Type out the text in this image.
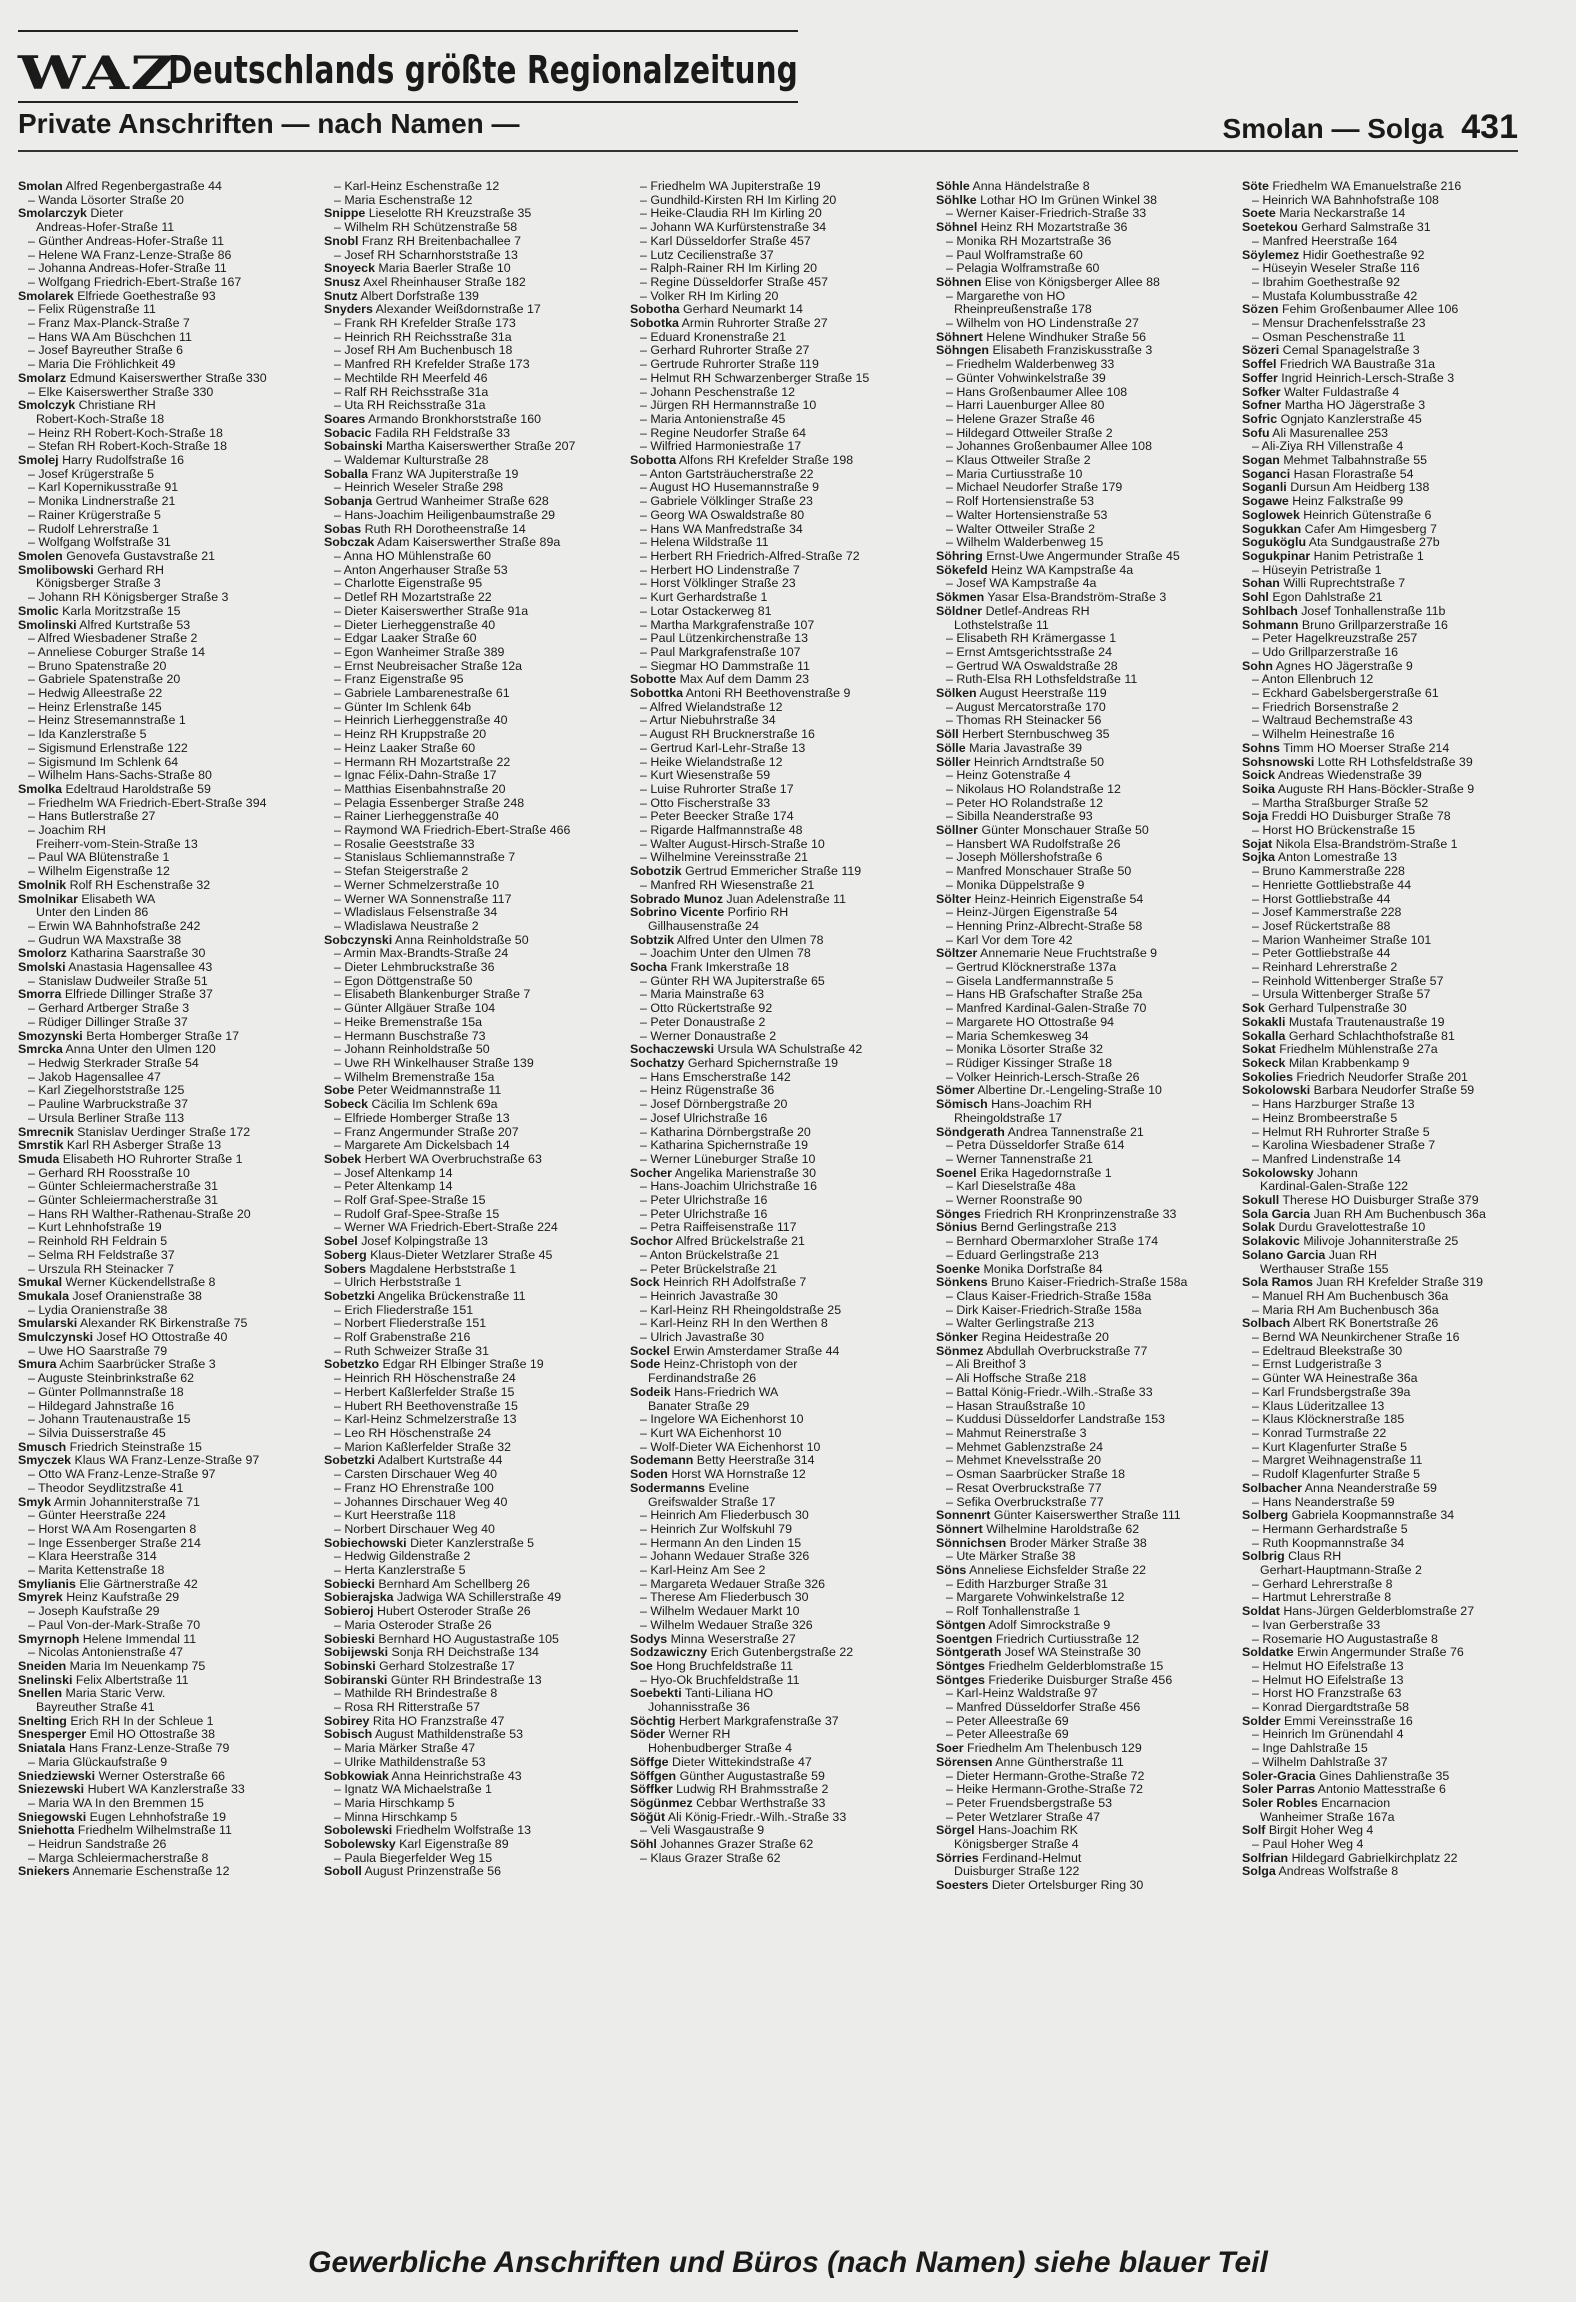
WAZ
Deutschlands größte Regionalzeitung
Private Anschriften — nach Namen —	Smolan — Solga 431
Smolan Alfred Regenbergastraße 44
– Wanda Lösorter Straße 20
Smolarczyk Dieter
Andreas-Hofer-Straße 11
– Günther Andreas-Hofer-Straße 11
– Helene WA Franz-Lenze-Straße 86
– Johanna Andreas-Hofer-Straße 11
– Wolfgang Friedrich-Ebert-Straße 167
Smolarek Elfriede Goethestraße 93
– Felix Rügenstraße 11
– Franz Max-Planck-Straße 7
– Hans WA Am Büschchen 11
– Josef Bayreuther Straße 6
– Maria Die Fröhlichkeit 49
Smolarz Edmund Kaiserswerther Straße 330
– Elke Kaiserswerther Straße 330
Smolczyk Christiane RH
Robert-Koch-Straße 18
– Heinz RH Robert-Koch-Straße 18
– Stefan RH Robert-Koch-Straße 18
Smolej Harry Rudolfstraße 16
– Josef Krügerstraße 5
– Karl Kopernikusstraße 91
– Monika Lindnerstraße 21
– Rainer Krügerstraße 5
– Rudolf Lehrerstraße 1
– Wolfgang Wolfstraße 31
Smolen Genovefa Gustavstraße 21
Smolibowski Gerhard RH
Königsberger Straße 3
– Johann RH Königsberger Straße 3
Smolic Karla Moritzstraße 15
Smolinski Alfred Kurtstraße 53
– Alfred Wiesbadener Straße 2
– Anneliese Coburger Straße 14
– Bruno Spatenstraße 20
– Gabriele Spatenstraße 20
– Hedwig Alleestraße 22
– Heinz Erlenstraße 145
– Heinz Stresemannstraße 1
– Ida Kanzlerstraße 5
– Sigismund Erlenstraße 122
– Sigismund Im Schlenk 64
– Wilhelm Hans-Sachs-Straße 80
Smolka Edeltraud Haroldstraße 59
– Friedhelm WA Friedrich-Ebert-Straße 394
– Hans Butlerstraße 27
– Joachim RH
Freiherr-vom-Stein-Straße 13
– Paul WA Blütenstraße 1
– Wilhelm Eigenstraße 12
Smolnik Rolf RH Eschenstraße 32
Smolnikar Elisabeth WA
Unter den Linden 86
– Erwin WA Bahnhofstraße 242
– Gudrun WA Maxstraße 38
Smolorz Katharina Saarstraße 30
Smolski Anastasia Hagensallee 43
– Stanislaw Dudweiler Straße 51
Smorra Elfriede Dillinger Straße 37
– Gerhard Artberger Straße 3
– Rüdiger Dillinger Straße 37
Smozynski Berta Homberger Straße 17
Smrcka Anna Unter den Ulmen 120
– Hedwig Sterkrader Straße 54
– Jakob Hagensallee 47
– Karl Ziegelhorststraße 125
– Pauline Warbruckstraße 37
– Ursula Berliner Straße 113
Smrecnik Stanislav Uerdinger Straße 172
Smrstik Karl RH Asberger Straße 13
Smuda Elisabeth HO Ruhrorter Straße 1
– Gerhard RH Roosstraße 10
– Günter Schleiermacherstraße 31
– Günter Schleiermacherstraße 31
– Hans RH Walther-Rathenau-Straße 20
– Kurt Lehnhofstraße 19
– Reinhold RH Feldrain 5
– Selma RH Feldstraße 37
– Urszula RH Steinacker 7
Smukal Werner Kückendellstraße 8
Smukala Josef Oranienstraße 38
– Lydia Oranienstraße 38
Smularski Alexander RK Birkenstraße 75
Smulczynski Josef HO Ottostraße 40
– Uwe HO Saarstraße 79
Smura Achim Saarbrücker Straße 3
– Auguste Steinbrinkstraße 62
– Günter Pollmannstraße 18
– Hildegard Jahnstraße 16
– Johann Trautenaustraße 15
– Silvia Duisserstraße 45
Smusch Friedrich Steinstraße 15
Smyczek Klaus WA Franz-Lenze-Straße 97
– Otto WA Franz-Lenze-Straße 97
– Theodor Seydlitzstraße 41
Smyk Armin Johanniterstraße 71
– Günter Heerstraße 224
– Horst WA Am Rosengarten 8
– Inge Essenberger Straße 214
– Klara Heerstraße 314
– Marita Kettenstraße 18
Smylianis Elie Gärtnerstraße 42
Smyrek Heinz Kaufstraße 29
– Joseph Kaufstraße 29
– Paul Von-der-Mark-Straße 70
Smyrnoph Helene Immendal 11
– Nicolas Antonienstraße 47
Sneiden Maria Im Neuenkamp 75
Snelinski Felix Albertstraße 11
Snellen Maria Staric Verw.
Bayreuther Straße 41
Snelting Erich RH In der Schleue 1
Snesperger Emil HO Ottostraße 38
Sniatala Hans Franz-Lenze-Straße 79
– Maria Glückaufstraße 9
Sniedziewski Werner Osterstraße 66
Sniezewski Hubert WA Kanzlerstraße 33
– Maria WA In den Bremmen 15
Sniegowski Eugen Lehnhofstraße 19
Sniehotta Friedhelm Wilhelmstraße 11
– Heidrun Sandstraße 26
– Marga Schleiermacherstraße 8
Sniekers Annemarie Eschenstraße 12
– Karl-Heinz Eschenstraße 12
– Maria Eschenstraße 12
Snippe Lieselotte RH Kreuzstraße 35
– Wilhelm RH Schützenstraße 58
Snobl Franz RH Breitenbachallee 7
– Josef RH Scharnhorststraße 13
Snoyeck Maria Baerler Straße 10
Snusz Axel Rheinhauser Straße 182
Snutz Albert Dorfstraße 139
Snyders Alexander Weißdornstraße 17
– Frank RH Krefelder Straße 173
– Heinrich RH Reichsstraße 31a
– Josef RH Am Buchenbusch 18
– Manfred RH Krefelder Straße 173
– Mechtilde RH Meerfeld 46
– Ralf RH Reichsstraße 31a
– Uta RH Reichsstraße 31a
Soares Armando Bronkhorststraße 160
Sobacic Fadila RH Feldstraße 33
Sobainski Martha Kaiserswerther Straße 207
– Waldemar Kulturstraße 28
Soballa Franz WA Jupiterstraße 19
– Heinrich Weseler Straße 298
Sobanja Gertrud Wanheimer Straße 628
– Hans-Joachim Heiligenbaumstraße 29
Sobas Ruth RH Dorotheenstraße 14
Sobczak Adam Kaiserswerther Straße 89a
– Anna HO Mühlenstraße 60
– Anton Angerhauser Straße 53
– Charlotte Eigenstraße 95
– Detlef RH Mozartstraße 22
– Dieter Kaiserswerther Straße 91a
– Dieter Lierheggenstraße 40
– Edgar Laaker Straße 60
– Egon Wanheimer Straße 389
– Ernst Neubreisacher Straße 12a
– Franz Eigenstraße 95
– Gabriele Lambarenestraße 61
– Günter Im Schlenk 64b
– Heinrich Lierheggenstraße 40
– Heinz RH Kruppstraße 20
– Heinz Laaker Straße 60
– Hermann RH Mozartstraße 22
– Ignac Félix-Dahn-Straße 17
– Matthias Eisenbahnstraße 20
– Pelagia Essenberger Straße 248
– Rainer Lierheggenstraße 40
– Raymond WA Friedrich-Ebert-Straße 466
– Rosalie Geeststraße 33
– Stanislaus Schliemannstraße 7
– Stefan Steigerstraße 2
– Werner Schmelzerstraße 10
– Werner WA Sonnenstraße 117
– Wladislaus Felsenstraße 34
– Wladislawa Neustraße 2
Sobczynski Anna Reinholdstraße 50
– Armin Max-Brandts-Straße 24
– Dieter Lehmbruckstraße 36
– Egon Döttgenstraße 50
– Elisabeth Blankenburger Straße 7
– Günter Allgäuer Straße 104
– Heike Bremenstraße 15a
– Hermann Buschstraße 73
– Johann Reinholdstraße 50
– Uwe RH Winkelhauser Straße 139
– Wilhelm Bremenstraße 15a
Sobe Peter Weidmannstraße 11
Sobeck Cäcilia Im Schlenk 69a
– Elfriede Homberger Straße 13
– Franz Angermunder Straße 207
– Margarete Am Dickelsbach 14
Sobek Herbert WA Overbruchstraße 63
– Josef Altenkamp 14
– Peter Altenkamp 14
– Rolf Graf-Spee-Straße 15
– Rudolf Graf-Spee-Straße 15
– Werner WA Friedrich-Ebert-Straße 224
Sobel Josef Kolpingstraße 13
Soberg Klaus-Dieter Wetzlarer Straße 45
Sobers Magdalene Herbststraße 1
– Ulrich Herbststraße 1
Sobetzki Angelika Brückenstraße 11
– Erich Fliederstraße 151
– Norbert Fliederstraße 151
– Rolf Grabenstraße 216
– Ruth Schweizer Straße 31
Sobetzko Edgar RH Elbinger Straße 19
– Heinrich RH Höschenstraße 24
– Herbert Kaßlerfelder Straße 15
– Hubert RH Beethovenstraße 15
– Karl-Heinz Schmelzerstraße 13
– Leo RH Höschenstraße 24
– Marion Kaßlerfelder Straße 32
Sobetzki Adalbert Kurtstraße 44
– Carsten Dirschauer Weg 40
– Franz HO Ehrenstraße 100
– Johannes Dirschauer Weg 40
– Kurt Heerstraße 118
– Norbert Dirschauer Weg 40
Sobiechowski Dieter Kanzlerstraße 5
– Hedwig Gildenstraße 2
– Herta Kanzlerstraße 5
Sobiecki Bernhard Am Schellberg 26
Sobierajska Jadwiga WA Schillerstraße 49
Sobieroj Hubert Osteroder Straße 26
– Maria Osteroder Straße 26
Sobieski Bernhard HO Augustastraße 105
Sobijewski Sonja RH Deichstraße 134
Sobinski Gerhard Stolzestraße 17
Sobiranski Günter RH Brindestraße 13
– Mathilde RH Brindestraße 8
– Rosa RH Ritterstraße 57
Sobirey Rita HO Franzstraße 47
Sobisch August Mathildenstraße 53
– Maria Märker Straße 47
– Ulrike Mathildenstraße 53
Sobkowiak Anna Heinrichstraße 43
– Ignatz WA Michaelstraße 1
– Maria Hirschkamp 5
– Minna Hirschkamp 5
Sobolewski Friedhelm Wolfstraße 13
Sobolewsky Karl Eigenstraße 89
– Paula Biegerfelder Weg 15
Soboll August Prinzenstraße 56
– Friedhelm WA Jupiterstraße 19
– Gundhild-Kirsten RH Im Kirling 20
– Heike-Claudia RH Im Kirling 20
– Johann WA Kurfürstenstraße 34
– Karl Düsseldorfer Straße 457
– Lutz Cecilienstraße 37
– Ralph-Rainer RH Im Kirling 20
– Regine Düsseldorfer Straße 457
– Volker RH Im Kirling 20
Sobotha Gerhard Neumarkt 14
Sobotka Armin Ruhrorter Straße 27
– Eduard Kronenstraße 21
– Gerhard Ruhrorter Straße 27
– Gertrude Ruhrorter Straße 119
– Helmut RH Schwarzenberger Straße 15
– Johann Peschenstraße 12
– Jürgen RH Hermannstraße 10
– Maria Antonienstraße 45
– Regine Neudorfer Straße 64
– Wilfried Harmoniestraße 17
Sobotta Alfons RH Krefelder Straße 198
– Anton Gartsträucherstraße 22
– August HO Husemannstraße 9
– Gabriele Völklinger Straße 23
– Georg WA Oswaldstraße 80
– Hans WA Manfredstraße 34
– Helena Wildstraße 11
– Herbert RH Friedrich-Alfred-Straße 72
– Herbert HO Lindenstraße 7
– Horst Völklinger Straße 23
– Kurt Gerhardstraße 1
– Lotar Ostackerweg 81
– Martha Markgrafenstraße 107
– Paul Lützenkirchenstraße 13
– Paul Markgrafenstraße 107
– Siegmar HO Dammstraße 11
Sobotte Max Auf dem Damm 23
Sobottka Antoni RH Beethovenstraße 9
– Alfred Wielandstraße 12
– Artur Niebuhrstraße 34
– August RH Brucknerstraße 16
– Gertrud Karl-Lehr-Straße 13
– Heike Wielandstraße 12
– Kurt Wiesenstraße 59
– Luise Ruhrorter Straße 17
– Otto Fischerstraße 33
– Peter Beecker Straße 174
– Rigarde Halfmannstraße 48
– Walter August-Hirsch-Straße 10
– Wilhelmine Vereinsstraße 21
Sobotzik Gertrud Emmericher Straße 119
– Manfred RH Wiesenstraße 21
Sobrado Munoz Juan Adelenstraße 11
Sobrino Vicente Porfirio RH
Gillhausenstraße 24
Sobtzik Alfred Unter den Ulmen 78
– Joachim Unter den Ulmen 78
Socha Frank Imkerstraße 18
– Günter RH WA Jupiterstraße 65
– Maria Mainstraße 63
– Otto Rückertstraße 92
– Peter Donaustraße 2
– Werner Donaustraße 2
Sochaczewski Ursula WA Schulstraße 42
Sochatzy Gerhard Spichernstraße 19
– Hans Emscherstraße 142
– Heinz Rügenstraße 36
– Josef Dörnbergstraße 20
– Josef Ulrichstraße 16
– Katharina Dörnbergstraße 20
– Katharina Spichernstraße 19
– Werner Lüneburger Straße 10
Socher Angelika Marienstraße 30
– Hans-Joachim Ulrichstraße 16
– Peter Ulrichstraße 16
– Peter Ulrichstraße 16
– Petra Raiffeisenstraße 117
Sochor Alfred Brückelstraße 21
– Anton Brückelstraße 21
– Peter Brückelstraße 21
Sock Heinrich RH Adolfstraße 7
– Heinrich Javastraße 30
– Karl-Heinz RH Rheingoldstraße 25
– Karl-Heinz RH In den Werthen 8
– Ulrich Javastraße 30
Sockel Erwin Amsterdamer Straße 44
Sode Heinz-Christoph von der
Ferdinandstraße 26
Sodeik Hans-Friedrich WA
Banater Straße 29
– Ingelore WA Eichenhorst 10
– Kurt WA Eichenhorst 10
– Wolf-Dieter WA Eichenhorst 10
Sodemann Betty Heerstraße 314
Soden Horst WA Hornstraße 12
Sodermanns Eveline
Greifswalder Straße 17
– Heinrich Am Fliederbusch 30
– Heinrich Zur Wolfskuhl 79
– Hermann An den Linden 15
– Johann Wedauer Straße 326
– Karl-Heinz Am See 2
– Margareta Wedauer Straße 326
– Therese Am Fliederbusch 30
– Wilhelm Wedauer Markt 10
– Wilhelm Wedauer Straße 326
Sodys Minna Weserstraße 27
Sodzawiczny Erich Gutenbergstraße 22
Soe Hong Bruchfeldstraße 11
– Hyo-Ok Bruchfeldstraße 11
Soebekti Tanti-Liliana HO
Johannisstraße 36
Söchtig Herbert Markgrafenstraße 37
Söder Werner RH
Hohenbudberger Straße 4
Söffge Dieter Wittekindstraße 47
Söffgen Günther Augustastraße 59
Söffker Ludwig RH Brahmsstraße 2
Sögünmez Cebbar Werthstraße 33
Söğüt Ali König-Friedr.-Wilh.-Straße 33
– Veli Wasgaustraße 9
Söhl Johannes Grazer Straße 62
– Klaus Grazer Straße 62
Söhle Anna Händelstraße 8
Söhlke Lothar HO Im Grünen Winkel 38
– Werner Kaiser-Friedrich-Straße 33
Söhnel Heinz RH Mozartstraße 36
– Monika RH Mozartstraße 36
– Paul Wolframstraße 60
– Pelagia Wolframstraße 60
Söhnen Elise von Königsberger Allee 88
– Margarethe von HO
Rheinpreußenstraße 178
– Wilhelm von HO Lindenstraße 27
Söhnert Helene Windhuker Straße 56
Söhngen Elisabeth Franziskusstraße 3
– Friedhelm Walderbenweg 33
– Günter Vohwinkelstraße 39
– Hans Großenbaumer Allee 108
– Harri Lauenburger Allee 80
– Helene Grazer Straße 46
– Hildegard Ottweiler Straße 2
– Johannes Großenbaumer Allee 108
– Klaus Ottweiler Straße 2
– Maria Curtiusstraße 10
– Michael Neudorfer Straße 179
– Rolf Hortensienstraße 53
– Walter Hortensienstraße 53
– Walter Ottweiler Straße 2
– Wilhelm Walderbenweg 15
Söhring Ernst-Uwe Angermunder Straße 45
Sökefeld Heinz WA Kampstraße 4a
– Josef WA Kampstraße 4a
Sökmen Yasar Elsa-Brandström-Straße 3
Söldner Detlef-Andreas RH
Lothstelstraße 11
– Elisabeth RH Krämergasse 1
– Ernst Amtsgerichtsstraße 24
– Gertrud WA Oswaldstraße 28
– Ruth-Elsa RH Lothsfeldstraße 11
Sölken August Heerstraße 119
– August Mercatorstraße 170
– Thomas RH Steinacker 56
Söll Herbert Sternbuschweg 35
Sölle Maria Javastraße 39
Söller Heinrich Arndtstraße 50
– Heinz Gotenstraße 4
– Nikolaus HO Rolandstraße 12
– Peter HO Rolandstraße 12
– Sibilla Neanderstraße 93
Söllner Günter Monschauer Straße 50
– Hansbert WA Rudolfstraße 26
– Joseph Möllershofstraße 6
– Manfred Monschauer Straße 50
– Monika Düppelstraße 9
Sölter Heinz-Heinrich Eigenstraße 54
– Heinz-Jürgen Eigenstraße 54
– Henning Prinz-Albrecht-Straße 58
– Karl Vor dem Tore 42
Söltzer Annemarie Neue Fruchtstraße 9
– Gertrud Klöcknerstraße 137a
– Gisela Landfermannstraße 5
– Hans HB Grafschafter Straße 25a
– Manfred Kardinal-Galen-Straße 70
– Margarete HO Ottostraße 94
– Maria Schemkesweg 34
– Monika Lösorter Straße 32
– Rüdiger Kissinger Straße 18
– Volker Heinrich-Lersch-Straße 26
Sömer Albertine Dr.-Lengeling-Straße 10
Sömisch Hans-Joachim RH
Rheingoldstraße 17
Söndgerath Andrea Tannenstraße 21
– Petra Düsseldorfer Straße 614
– Werner Tannenstraße 21
Soenel Erika Hagedornstraße 1
– Karl Dieselstraße 48a
– Werner Roonstraße 90
Sönges Friedrich RH Kronprinzenstraße 33
Sönius Bernd Gerlingstraße 213
– Bernhard Obermarxloher Straße 174
– Eduard Gerlingstraße 213
Soenke Monika Dorfstraße 84
Sönkens Bruno Kaiser-Friedrich-Straße 158a
– Claus Kaiser-Friedrich-Straße 158a
– Dirk Kaiser-Friedrich-Straße 158a
– Walter Gerlingstraße 213
Sönker Regina Heidestraße 20
Sönmez Abdullah Overbruckstraße 77
– Ali Breithof 3
– Ali Hoffsche Straße 218
– Battal König-Friedr.-Wilh.-Straße 33
– Hasan Straußstraße 10
– Kuddusi Düsseldorfer Landstraße 153
– Mahmut Reinerstraße 3
– Mehmet Gablenzstraße 24
– Mehmet Knevelsstraße 20
– Osman Saarbrücker Straße 18
– Resat Overbruckstraße 77
– Sefika Overbruckstraße 77
Sonnenrt Günter Kaiserswerther Straße 111
Sönnert Wilhelmine Haroldstraße 62
Sönnichsen Broder Märker Straße 38
– Ute Märker Straße 38
Söns Anneliese Eichsfelder Straße 22
– Edith Harzburger Straße 31
– Margarete Vohwinkelstraße 12
– Rolf Tonhallenstraße 1
Söntgen Adolf Simrockstraße 9
Soentgen Friedrich Curtiusstraße 12
Söntgerath Josef WA Steinstraße 30
Söntges Friedhelm Gelderblomstraße 15
Söntges Friederike Duisburger Straße 456
– Karl-Heinz Waldstraße 97
– Manfred Düsseldorfer Straße 456
– Peter Alleestraße 69
– Peter Alleestraße 69
Soer Friedhelm Am Thelenbusch 129
Sörensen Anne Güntherstraße 11
– Dieter Hermann-Grothe-Straße 72
– Heike Hermann-Grothe-Straße 72
– Peter Fruendsbergstraße 53
– Peter Wetzlarer Straße 47
Sörgel Hans-Joachim RK
Königsberger Straße 4
Sörries Ferdinand-Helmut
Duisburger Straße 122
Soesters Dieter Ortelsburger Ring 30
Söte Friedhelm WA Emanuelstraße 216
– Heinrich WA Bahnhofstraße 108
Soete Maria Neckarstraße 14
Soetekou Gerhard Salmstraße 31
– Manfred Heerstraße 164
Söylemez Hidir Goethestraße 92
– Hüseyin Weseler Straße 116
– Ibrahim Goethestraße 92
– Mustafa Kolumbusstraße 42
Sözen Fehim Großenbaumer Allee 106
– Mensur Drachenfelsstraße 23
– Osman Peschenstraße 11
Sözeri Cemal Spanagelstraße 3
Soffel Friedrich WA Baustraße 31a
Soffer Ingrid Heinrich-Lersch-Straße 3
Sofker Walter Fuldastraße 4
Sofner Martha HO Jägerstraße 3
Sofric Ognjato Kanzlerstraße 45
Sofu Ali Masurenallee 253
– Ali-Ziya RH Villenstraße 4
Sogan Mehmet Talbahnstraße 55
Soganci Hasan Florastraße 54
Soganli Dursun Am Heidberg 138
Sogawe Heinz Falkstraße 99
Soglowek Heinrich Gütenstraße 6
Sogukkan Cafer Am Himgesberg 7
Soguköglu Ata Sundgaustraße 27b
Sogukpinar Hanim Petristraße 1
– Hüseyin Petristraße 1
Sohan Willi Ruprechtstraße 7
Sohl Egon Dahlstraße 21
Sohlbach Josef Tonhallenstraße 11b
Sohmann Bruno Grillparzerstraße 16
– Peter Hagelkreuzstraße 257
– Udo Grillparzerstraße 16
Sohn Agnes HO Jägerstraße 9
– Anton Ellenbruch 12
– Eckhard Gabelsbergerstraße 61
– Friedrich Borsenstraße 2
– Waltraud Bechemstraße 43
– Wilhelm Heinestraße 16
Sohns Timm HO Moerser Straße 214
Sohsnowski Lotte RH Lothsfeldstraße 39
Soick Andreas Wiedenstraße 39
Soika Auguste RH Hans-Böckler-Straße 9
– Martha Straßburger Straße 52
Soja Freddi HO Duisburger Straße 78
– Horst HO Brückenstraße 15
Sojat Nikola Elsa-Brandström-Straße 1
Sojka Anton Lomestraße 13
– Bruno Kammerstraße 228
– Henriette Gottliebstraße 44
– Horst Gottliebstraße 44
– Josef Kammerstraße 228
– Josef Rückertstraße 88
– Marion Wanheimer Straße 101
– Peter Gottliebstraße 44
– Reinhard Lehrerstraße 2
– Reinhold Wittenberger Straße 57
– Ursula Wittenberger Straße 57
Sok Gerhard Tulpenstraße 30
Sokakli Mustafa Trautenaustraße 19
Sokalla Gerhard Schlachthofstraße 81
Sokat Friedhelm Mühlenstraße 27a
Sokeck Milan Krabbenkamp 9
Sokolies Friedrich Neudorfer Straße 201
Sokolowski Barbara Neudorfer Straße 59
– Hans Harzburger Straße 13
– Heinz Brombeerstraße 5
– Helmut RH Ruhrorter Straße 5
– Karolina Wiesbadener Straße 7
– Manfred Lindenstraße 14
Sokolowsky Johann
Kardinal-Galen-Straße 122
Sokull Therese HO Duisburger Straße 379
Sola Garcia Juan RH Am Buchenbusch 36a
Solak Durdu Gravelottestraße 10
Solakovic Milivoje Johanniterstraße 25
Solano Garcia Juan RH
Werthauser Straße 155
Sola Ramos Juan RH Krefelder Straße 319
– Manuel RH Am Buchenbusch 36a
– Maria RH Am Buchenbusch 36a
Solbach Albert RK Bonertstraße 26
– Bernd WA Neunkirchener Straße 16
– Edeltraud Bleekstraße 30
– Ernst Ludgeristraße 3
– Günter WA Heinestraße 36a
– Karl Frundsbergstraße 39a
– Klaus Lüderitzallee 13
– Klaus Klöcknerstraße 185
– Konrad Turmstraße 22
– Kurt Klagenfurter Straße 5
– Margret Weihnagenstraße 11
– Rudolf Klagenfurter Straße 5
Solbacher Anna Neanderstraße 59
– Hans Neanderstraße 59
Solberg Gabriela Koopmannstraße 34
– Hermann Gerhardstraße 5
– Ruth Koopmannstraße 34
Solbrig Claus RH
Gerhart-Hauptmann-Straße 2
– Gerhard Lehrerstraße 8
– Hartmut Lehrerstraße 8
Soldat Hans-Jürgen Gelderblomstraße 27
– Ivan Gerberstraße 33
– Rosemarie HO Augustastraße 8
Soldatke Erwin Angermunder Straße 76
– Helmut HO Eifelstraße 13
– Helmut HO Eifelstraße 13
– Horst HO Franzstraße 63
– Konrad Diergardtstraße 58
Solder Emmi Vereinsstraße 16
– Heinrich Im Grünendahl 4
– Inge Dahlstraße 15
– Wilhelm Dahlstraße 37
Soler-Gracia Gines Dahlienstraße 35
Soler Parras Antonio Mattesstraße 6
Soler Robles Encarnacion
Wanheimer Straße 167a
Solf Birgit Hoher Weg 4
– Paul Hoher Weg 4
Solfrian Hildegard Gabrielkirchplatz 22
Solga Andreas Wolfstraße 8
Gewerbliche Anschriften und Büros (nach Namen) siehe blauer Teil
